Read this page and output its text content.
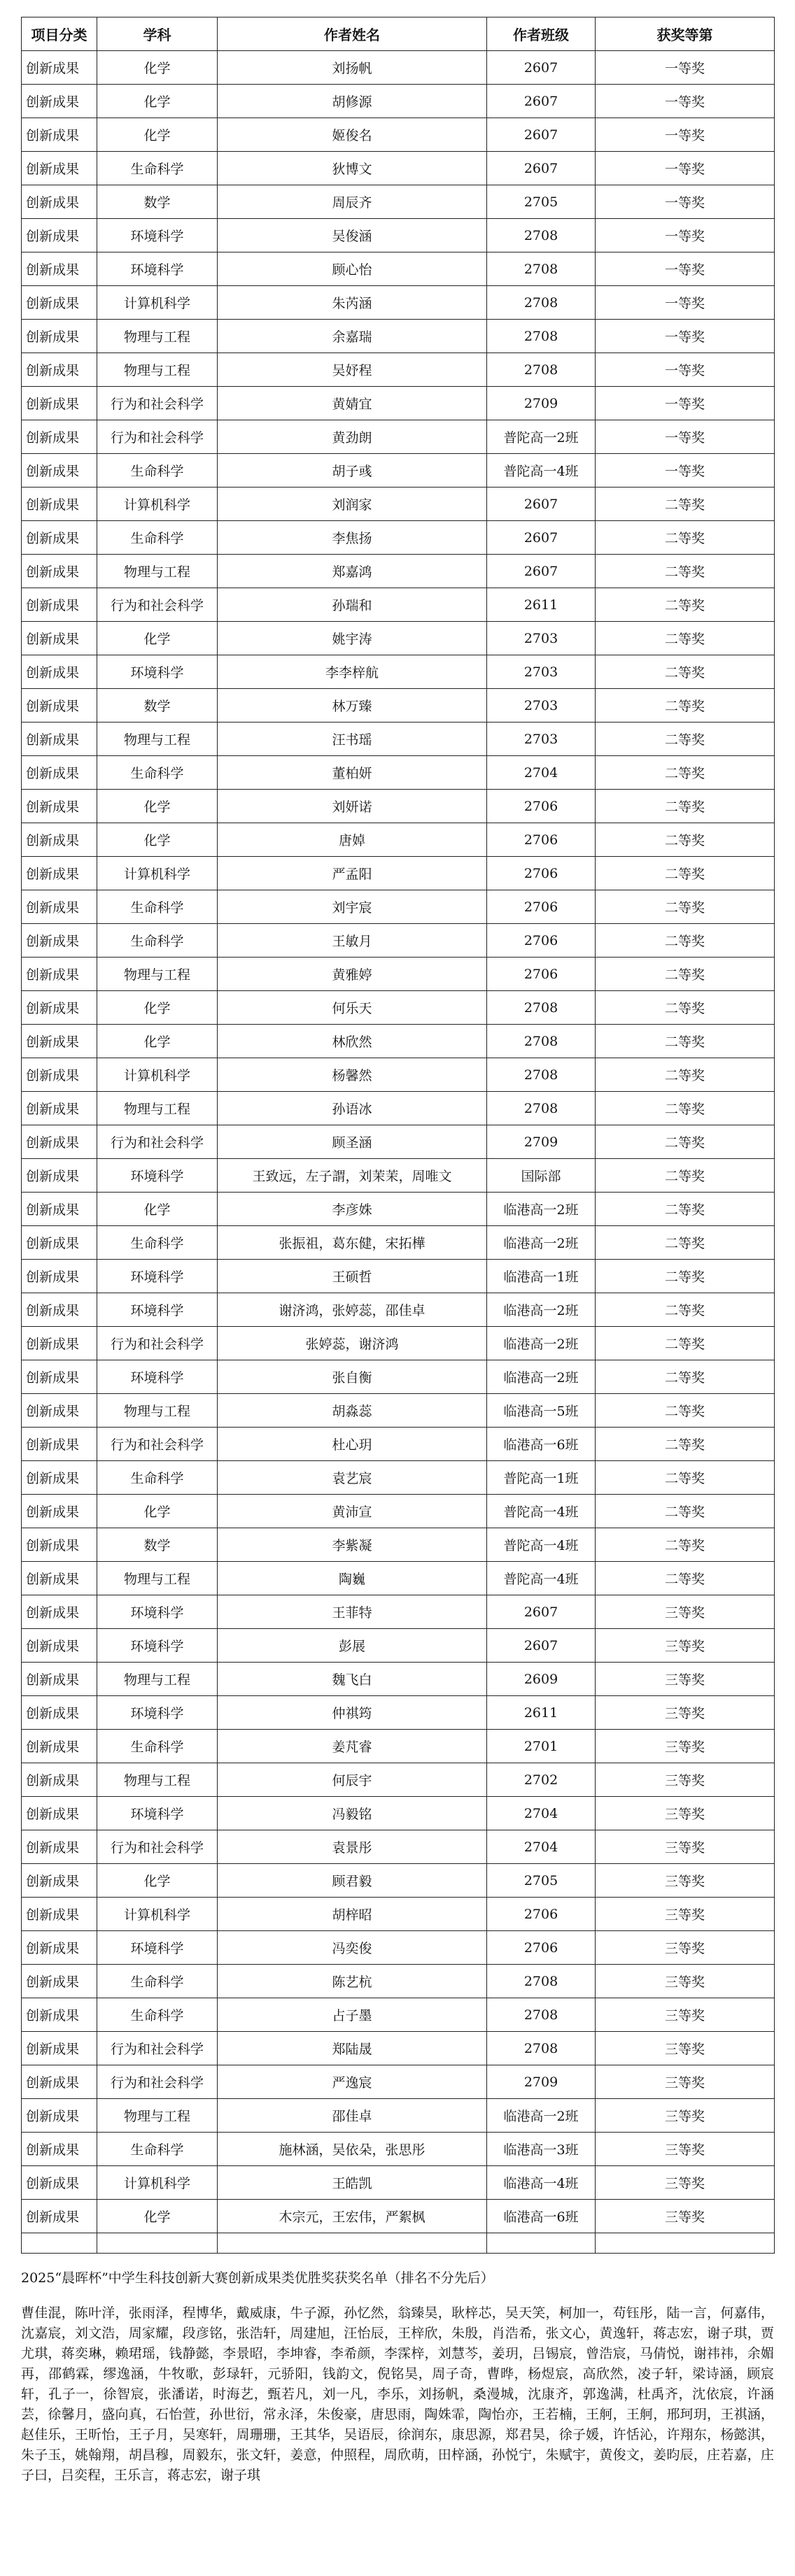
项目分类	学科	作者姓名	作者班级	获奖等第
创新成果	化学	刘扬帆	2607	一等奖
创新成果	化学	胡修源	2607	一等奖
创新成果	化学	姬俊名	2607	一等奖
创新成果	生命科学	狄博文	2607	一等奖
创新成果	数学	周辰齐	2705	一等奖
创新成果	环境科学	吴俊涵	2708	一等奖
创新成果	环境科学	顾心怡	2708	一等奖
创新成果	计算机科学	朱芮涵	2708	一等奖
创新成果	物理与工程	余嘉瑞	2708	一等奖
创新成果	物理与工程	吴妤程	2708	一等奖
创新成果	行为和社会科学	黄婧宜	2709	一等奖
创新成果	行为和社会科学	黄劲朗	普陀高一2班	一等奖
创新成果	生命科学	胡子彧	普陀高一4班	一等奖
创新成果	计算机科学	刘润家	2607	二等奖
创新成果	生命科学	李焦扬	2607	二等奖
创新成果	物理与工程	郑嘉鸿	2607	二等奖
创新成果	行为和社会科学	孙瑞和	2611	二等奖
创新成果	化学	姚宇涛	2703	二等奖
创新成果	环境科学	李李梓航	2703	二等奖
创新成果	数学	林万臻	2703	二等奖
创新成果	物理与工程	汪书瑶	2703	二等奖
创新成果	生命科学	董柏妍	2704	二等奖
创新成果	化学	刘妍诺	2706	二等奖
创新成果	化学	唐婥	2706	二等奖
创新成果	计算机科学	严孟阳	2706	二等奖
创新成果	生命科学	刘宇宸	2706	二等奖
创新成果	生命科学	王敏月	2706	二等奖
创新成果	物理与工程	黄雅婷	2706	二等奖
创新成果	化学	何乐天	2708	二等奖
创新成果	化学	林欣然	2708	二等奖
创新成果	计算机科学	杨馨然	2708	二等奖
创新成果	物理与工程	孙语冰	2708	二等奖
创新成果	行为和社会科学	顾圣涵	2709	二等奖
创新成果	环境科学	王致远，左子謂，刘茉茉，周唯文	国际部	二等奖
创新成果	化学	李彦姝	临港高一2班	二等奖
创新成果	生命科学	张振祖，葛东健，宋拓樺	临港高一2班	二等奖
创新成果	环境科学	王硕哲	临港高一1班	二等奖
创新成果	环境科学	谢济鸿，张婷蕊，邵佳卓	临港高一2班	二等奖
创新成果	行为和社会科学	张婷蕊，谢济鸿	临港高一2班	二等奖
创新成果	环境科学	张自衡	临港高一2班	二等奖
创新成果	物理与工程	胡淼蕊	临港高一5班	二等奖
创新成果	行为和社会科学	杜心玥	临港高一6班	二等奖
创新成果	生命科学	袁艺宸	普陀高一1班	二等奖
创新成果	化学	黄沛宣	普陀高一4班	二等奖
创新成果	数学	李紫凝	普陀高一4班	二等奖
创新成果	物理与工程	陶巍	普陀高一4班	二等奖
创新成果	环境科学	王菲特	2607	三等奖
创新成果	环境科学	彭展	2607	三等奖
创新成果	物理与工程	魏飞白	2609	三等奖
创新成果	环境科学	仲祺筠	2611	三等奖
创新成果	生命科学	姜芃睿	2701	三等奖
创新成果	物理与工程	何辰宇	2702	三等奖
创新成果	环境科学	冯毅铭	2704	三等奖
创新成果	行为和社会科学	袁景彤	2704	三等奖
创新成果	化学	顾君毅	2705	三等奖
创新成果	计算机科学	胡梓昭	2706	三等奖
创新成果	环境科学	冯奕俊	2706	三等奖
创新成果	生命科学	陈艺杭	2708	三等奖
创新成果	生命科学	占子墨	2708	三等奖
创新成果	行为和社会科学	郑陆晟	2708	三等奖
创新成果	行为和社会科学	严逸宸	2709	三等奖
创新成果	物理与工程	邵佳卓	临港高一2班	三等奖
创新成果	生命科学	施林涵，吴依朵，张思彤	临港高一3班	三等奖
创新成果	计算机科学	王皓凯	临港高一4班	三等奖
创新成果	化学	木宗元，王宏伟，严絮枫	临港高一6班	三等奖

2025“晨晖杯”中学生科技创新大赛创新成果类优胜奖获奖名单（排名不分先后）

曹佳混，陈叶洋，张雨泽，程博华，戴威康，牛子源，孙忆然，翁臻昊，耿梓芯，吴天笑，柯加一，苟钰彤，陆一言，何嘉伟，沈嘉宸，刘文浩，周家耀，段彦铭，张浩轩，周建旭，汪怡辰，王梓欣，朱殷，肖浩希，张文心，黄逸轩，蒋志宏，谢子琪，贾尤琪，蒋奕琳，赖珺瑶，钱静懿，李景昭，李坤睿，李希颜，李霂梓，刘慧芩，姜玥，吕锡宸，曾浩宸，马倩悦，谢祎祎，余媚再，邵鹤霖，缪逸涵，牛牧歌，彭琭轩，元骄阳，钱韵文，倪铭昊，周子奇，曹晔，杨煜宸，高欣然，凌子轩，梁诗涵，顾宸轩，孔子一，徐智宸，张潘诺，时海艺，甄若凡，刘一凡，李乐，刘扬帆，桑漫城，沈康齐，郭逸满，杜禹齐，沈依宸，许涵芸，徐馨月，盛向真，石怡萱，孙世衍，常永泽，朱俊豪，唐思雨，陶姝霏，陶怡亦，王若楠，王舸，王舸，邢珂玥，王祺涵，赵佳乐，王昕怡，王子月，吴寒轩，周珊珊，王其华，吴语辰，徐润东，康思源，郑君昊，徐子媛，许恬沁，许翔东，杨懿淇，朱子玉，姚翰翔，胡昌穆，周毅东，张文轩，姜意，仲照程，周欣萌，田梓涵，孙悦宁，朱赋宇，黄俊文，姜昀辰，庄若嘉，庄子曰，吕奕程，王乐言，蒋志宏，谢子琪
